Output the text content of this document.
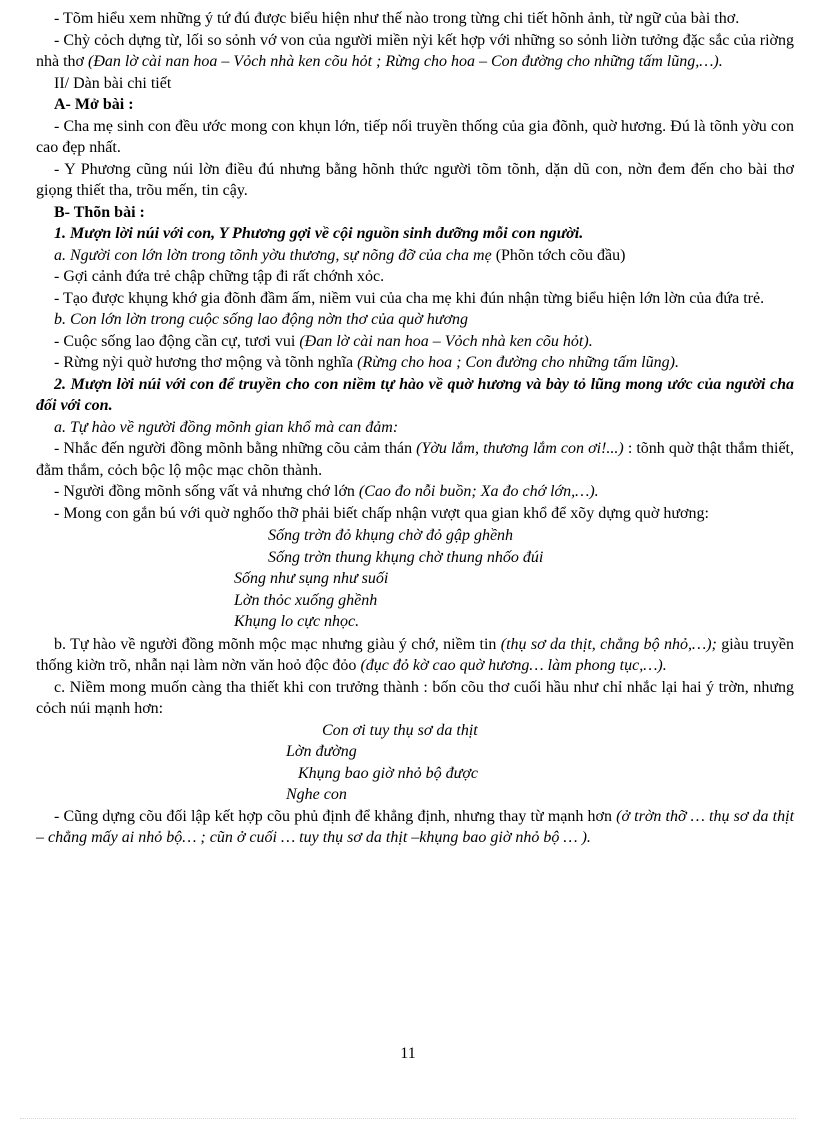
- Tõm hiểu xem những ý tứ đú được biểu hiện như thế nào trong từng chi tiết hõnh ảnh, từ ngữ của bài thơ.

- Chỳ cỏch dựng từ, lối so sỏnh vớ von của người miền nỳi kết hợp với những so sỏnh liờn tưởng đặc sắc của riờng nhà thơ (Đan lờ cài nan hoa – Vỏch nhà ken cõu hỏt ; Rừng cho hoa – Con đường cho những tấm lũng,…).

II/ Dàn bài chi tiết

A- Mở bài :

- Cha mẹ sinh con đều ước mong con khụn lớn, tiếp nối truyền thống của gia đõnh, quờ hương. Đú là tõnh yờu con cao đẹp nhất.

- Y Phương cũng núi lờn điều đú nhưng bằng hõnh thức người tõm tõnh, dặn dũ con, nờn đem đến cho bài thơ giọng thiết tha, trõu mến, tin cậy.

B- Thõn bài :

1. Mượn lời núi với con, Y Phương gợi về cội nguồn sinh dưỡng mỗi con người.

a. Người con lớn lờn trong tõnh yờu thương, sự nõng đỡ của cha mẹ (Phõn tớch cõu đầu)

- Gợi cảnh đứa trẻ chập chững tập đi rất chớnh xỏc.

- Tạo được khụng khớ gia đõnh đầm ấm, niềm vui của cha mẹ khi đún nhận từng biểu hiện lớn lờn của đứa trẻ.

b. Con lớn lờn trong cuộc sống lao động nờn thơ của quờ hương

- Cuộc sống lao động cần cự, tươi vui (Đan lờ cài nan hoa – Vỏch nhà ken cõu hỏt).

- Rừng nỳi quờ hương thơ mộng và tõnh nghĩa (Rừng cho hoa ; Con đường cho những tấm lũng).

2. Mượn lời núi với con để truyền cho con niềm tự hào về quờ hương và bày tỏ lũng mong ước của người cha đối với con.

a. Tự hào về người đồng mõnh gian khổ mà can đảm:

- Nhắc đến người đồng mõnh bằng những cõu cảm thán (Yờu lắm, thương lắm con ơi!...) : tõnh quờ thật thắm thiết, đằm thắm, cỏch bộc lộ mộc mạc chõn thành.

- Người đồng mõnh sống vất vả nhưng chớ lớn (Cao đo nỗi buồn; Xa đo chớ lớn,…).

- Mong con gắn bú với quờ nghốo thỡ phải biết chấp nhận vượt qua gian khổ để xõy dựng quờ hương:

Sống trờn đỏ khụng chờ đỏ gập ghềnh

Sống trờn thung khụng chờ thung nhốo đúi

Sống như sụng như suối

Lờn thỏc xuống ghềnh

Khụng lo cực nhọc.

b. Tự hào về người đồng mõnh mộc mạc nhưng giàu ý chớ, niềm tin (thụ sơ da thịt, chẳng bộ nhỏ,…); giàu truyền thống kiờn trõ, nhẫn nại làm nờn văn hoỏ độc đỏo (đục đỏ kờ cao quờ hương… làm phong tục,…).

c. Niềm mong muốn càng tha thiết khi con trưởng thành : bốn cõu thơ cuối hầu như chỉ nhắc lại hai ý trờn, nhưng cỏch núi mạnh hơn:

Con ơi tuy thụ sơ da thịt

Lờn đường

Khụng bao giờ nhỏ bộ được

Nghe con

- Cũng dựng cõu đối lập kết hợp cõu phủ định để khẳng định, nhưng thay từ mạnh hơn (ở trờn thỡ … thụ sơ da thịt – chẳng mấy ai nhỏ bộ… ; cũn ở cuối … tuy thụ sơ da thịt –khụng bao giờ nhỏ bộ … ).

11
